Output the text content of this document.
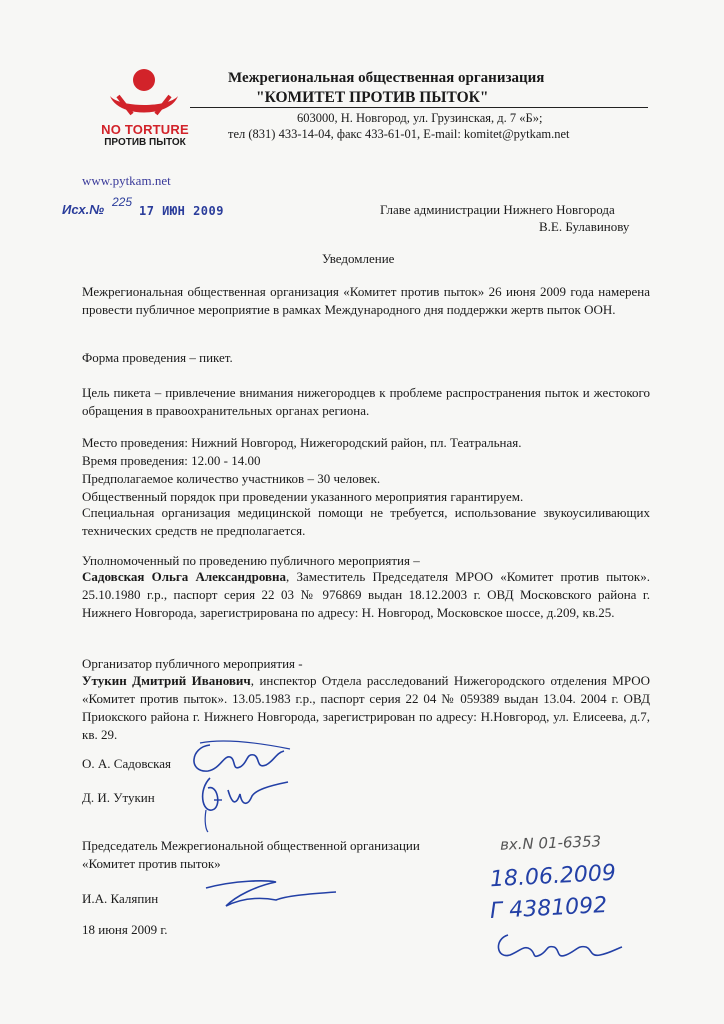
NO TORTURE
ПРОТИВ ПЫТОК
Межрегиональная общественная организация
"КОМИТЕТ ПРОТИВ ПЫТОК"
603000, Н. Новгород, ул. Грузинская, д. 7 «Б»;
тел (831) 433-14-04, факс 433-61-01, E-mail: komitet@pytkam.net
www.pytkam.net
Исх.№ 225
17 ИЮН 2009	Главе администрации Нижнего Новгорода
В.Е. Булавинову
Уведомление
Межрегиональная общественная организация «Комитет против пыток» 26 июня 2009 года намерена провести публичное мероприятие в рамках Международного дня поддержки жертв пыток ООН.
Форма проведения – пикет.
Цель пикета – привлечение внимания нижегородцев к проблеме распространения пыток и жестокого обращения в правоохранительных органах региона.
Место проведения: Нижний Новгород, Нижегородский район, пл. Театральная.
Время проведения: 12.00 - 14.00
Предполагаемое количество участников – 30 человек.
Общественный порядок при проведении указанного мероприятия гарантируем.
Специальная организация медицинской помощи не требуется, использование звукоусиливающих технических средств не предполагается.
Уполномоченный по проведению публичного мероприятия –
Садовская Ольга Александровна, Заместитель Председателя МРОО «Комитет против пыток». 25.10.1980 г.р., паспорт серия 22 03 № 976869 выдан 18.12.2003 г. ОВД Московского района г. Нижнего Новгорода, зарегистрирована по адресу: Н. Новгород, Московское шоссе, д.209, кв.25.
Организатор публичного мероприятия -
Утукин Дмитрий Иванович, инспектор Отдела расследований Нижегородского отделения МРОО «Комитет против пыток». 13.05.1983 г.р., паспорт серия 22 04 № 059389 выдан 13.04. 2004 г. ОВД Приокского района г. Нижнего Новгорода, зарегистрирован по адресу: Н.Новгород, ул. Елисеева, д.7, кв. 29.
О. А. Садовская
Д. И. Утукин
Председатель Межрегиональной общественной организации
«Комитет против пыток»
И.А. Каляпин
18 июня 2009 г.
вх.N 01-6353
18.06.2009
Г 4381092
